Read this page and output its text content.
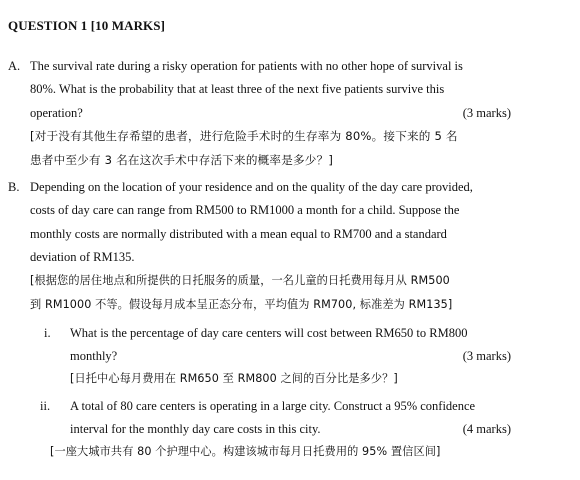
QUESTION 1 [10 MARKS]
A. The survival rate during a risky operation for patients with no other hope of survival is
80%. What is the probability that at least three of the next five patients survive this
operation?	(3 marks)
[对于没有其他生存希望的患者，进行危险手术时的生存率为 80%。接下来的 5 名
患者中至少有 3 名在这次手术中存活下来的概率是多少？]
B. Depending on the location of your residence and on the quality of the day care provided,
costs of day care can range from RM500 to RM1000 a month for a child. Suppose the
monthly costs are normally distributed with a mean equal to RM700 and a standard
deviation of RM135.
[根据您的居住地点和所提供的日托服务的质量，一名儿童的日托费用每月从 RM500
到 RM1000 不等。假设每月成本呈正态分布，平均值为 RM700, 标准差为 RM135]
i. What is the percentage of day care centers will cost between RM650 to RM800
monthly?	(3 marks)
[日托中心每月费用在 RM650 至 RM800 之间的百分比是多少？]
ii. A total of 80 care centers is operating in a large city. Construct a 95% confidence
interval for the monthly day care costs in this city.	(4 marks)
[一座大城市共有 80 个护理中心。构建该城市每月日托费用的 95% 置信区间]
